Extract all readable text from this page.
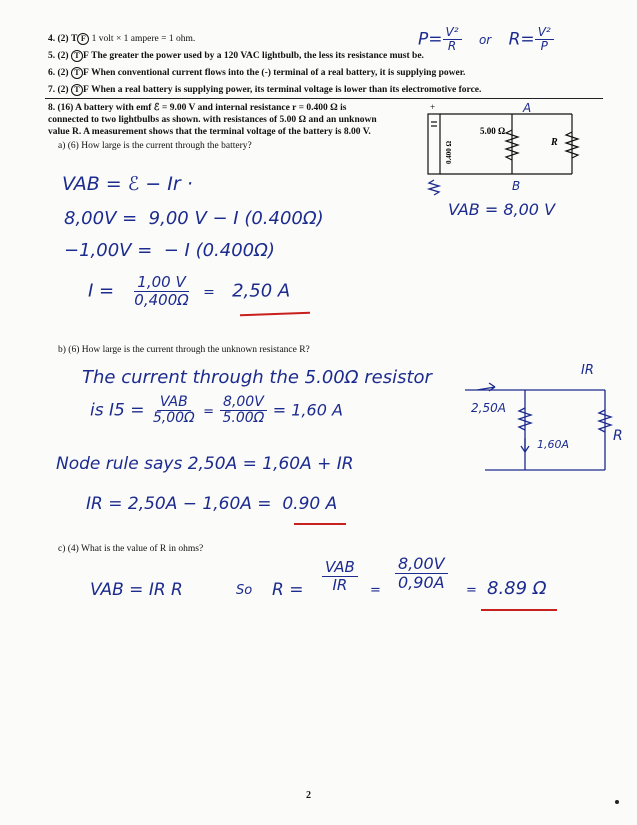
4. (2) T F 1 volt × 1 ampere = 1 ohm.
5. (2) T F The greater the power used by a 120 VAC lightbulb, the less its resistance must be.
6. (2) T F When conventional current flows into the (-) terminal of a real battery, it is supplying power.
7. (2) T F When a real battery is supplying power, its terminal voltage is lower than its electromotive force.
$P= \frac{\text{V²}}{R}$ or $R= \frac{\text{V²}}{P}$
8. (16) A battery with emf ℰ = 9.00 V and internal resistance r = 0.400 Ω is
connected to two lightbulbs as shown. with resistances of 5.00 Ω and an unknown
value R. A measurement shows that the terminal voltage of the battery is 8.00 V.
a) (6) How large is the current through the battery?
+
5.00 Ω
R
0.400 Ω
A
B
VAB = ℰ − Ir ·
8,00V = 9,00 V − I (0.400Ω)
−1,00V = − I (0.400Ω)
$I = \frac{1,00 V}{0,400\Omega} = 2,50$ A
VAB = 8,00 V
b) (6) How large is the current through the unknown resistance R?
The current through the 5.00Ω resistor
is $I5 = \frac{\text{VAB}}{5,00\Omega} = \frac{8,00V}{5.00\Omega} = 1,60$ A
Node rule says 2,50A = 1,60A + IR
IR = 2,50A − 1,60A = 0.90 A
IR
2,50A
1,60A
R
c) (4) What is the value of R in ohms?
VAB = IR R	So $R = \frac{\text{VAB}}{IR} = \frac{8,00V}{0,90A} = 8.89$ Ω
2
